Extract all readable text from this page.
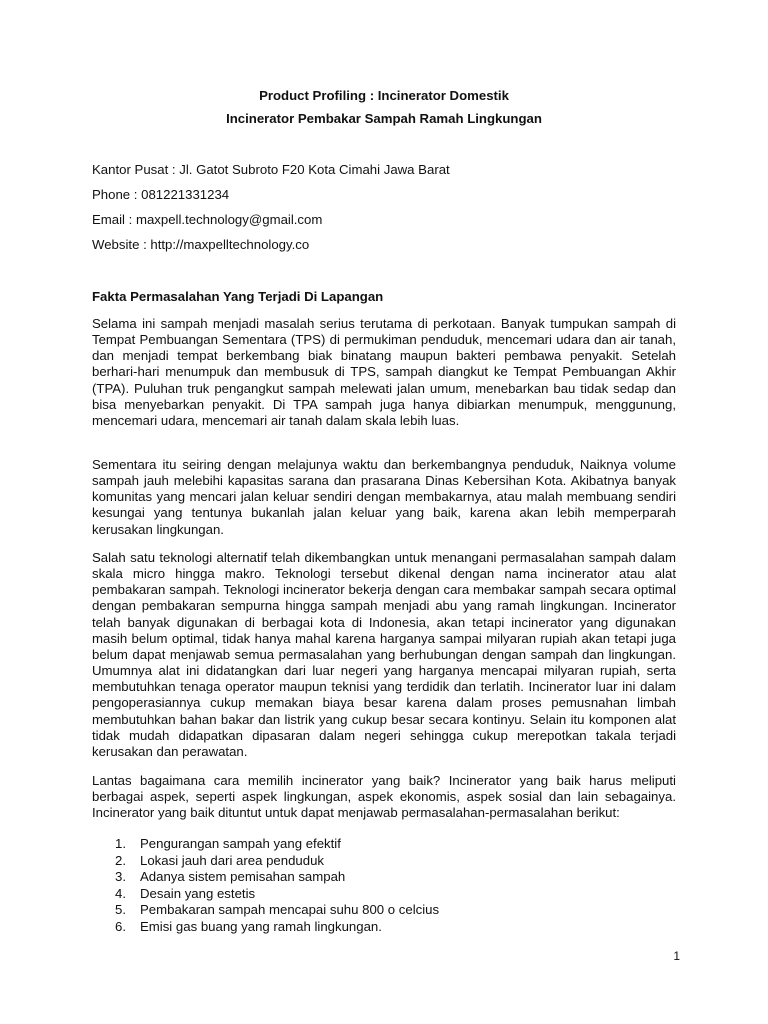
Product Profiling : Incinerator Domestik
Incinerator Pembakar Sampah Ramah Lingkungan
Kantor Pusat : Jl. Gatot Subroto F20 Kota Cimahi Jawa Barat
Phone : 081221331234
Email : maxpell.technology@gmail.com
Website : http://maxpelltechnology.co
Fakta Permasalahan Yang Terjadi Di Lapangan

Selama ini sampah menjadi masalah serius terutama di perkotaan. Banyak tumpukan sampah di Tempat Pembuangan Sementara (TPS) di permukiman penduduk, mencemari udara dan air tanah, dan menjadi tempat berkembang biak binatang maupun bakteri pembawa penyakit. Setelah berhari-hari menumpuk dan membusuk di TPS, sampah diangkut ke Tempat Pembuangan Akhir (TPA). Puluhan truk pengangkut sampah melewati jalan umum, menebarkan bau tidak sedap dan bisa menyebarkan penyakit. Di TPA sampah juga hanya dibiarkan menumpuk, menggunung, mencemari udara, mencemari air tanah dalam skala lebih luas.

Sementara itu seiring dengan melajunya waktu dan berkembangnya penduduk, Naiknya volume sampah jauh melebihi kapasitas sarana dan prasarana Dinas Kebersihan Kota. Akibatnya banyak komunitas yang mencari jalan keluar sendiri dengan membakarnya, atau malah membuang sendiri kesungai yang tentunya bukanlah jalan keluar yang baik, karena akan lebih memperparah kerusakan lingkungan.

Salah satu teknologi alternatif telah dikembangkan untuk menangani permasalahan sampah dalam skala micro hingga makro. Teknologi tersebut dikenal dengan nama incinerator atau alat pembakaran sampah. Teknologi incinerator bekerja dengan cara membakar sampah secara optimal dengan pembakaran sempurna hingga sampah menjadi abu yang ramah lingkungan. Incinerator telah banyak digunakan di berbagai kota di Indonesia, akan tetapi incinerator yang digunakan masih belum optimal, tidak hanya mahal karena harganya sampai milyaran rupiah akan tetapi juga belum dapat menjawab semua permasalahan yang berhubungan dengan sampah dan lingkungan. Umumnya alat ini didatangkan dari luar negeri yang harganya mencapai milyaran rupiah, serta membutuhkan tenaga operator maupun teknisi yang terdidik dan terlatih. Incinerator luar ini dalam pengoperasiannya cukup memakan biaya besar karena dalam proses pemusnahan limbah membutuhkan bahan bakar dan listrik yang cukup besar secara kontinyu. Selain itu komponen alat tidak mudah didapatkan dipasaran dalam negeri sehingga cukup merepotkan takala terjadi kerusakan dan perawatan.

Lantas bagaimana cara memilih incinerator yang baik? Incinerator yang baik harus meliputi berbagai aspek, seperti aspek lingkungan, aspek ekonomis, aspek sosial dan lain sebagainya. Incinerator yang baik dituntut untuk dapat menjawab permasalahan-permasalahan berikut:

1.	Pengurangan sampah yang efektif
2.	Lokasi jauh dari area penduduk
3.	Adanya sistem pemisahan sampah
4.	Desain yang estetis
5.	Pembakaran sampah mencapai suhu 800 o celcius
6.	Emisi gas buang yang ramah lingkungan.
1
